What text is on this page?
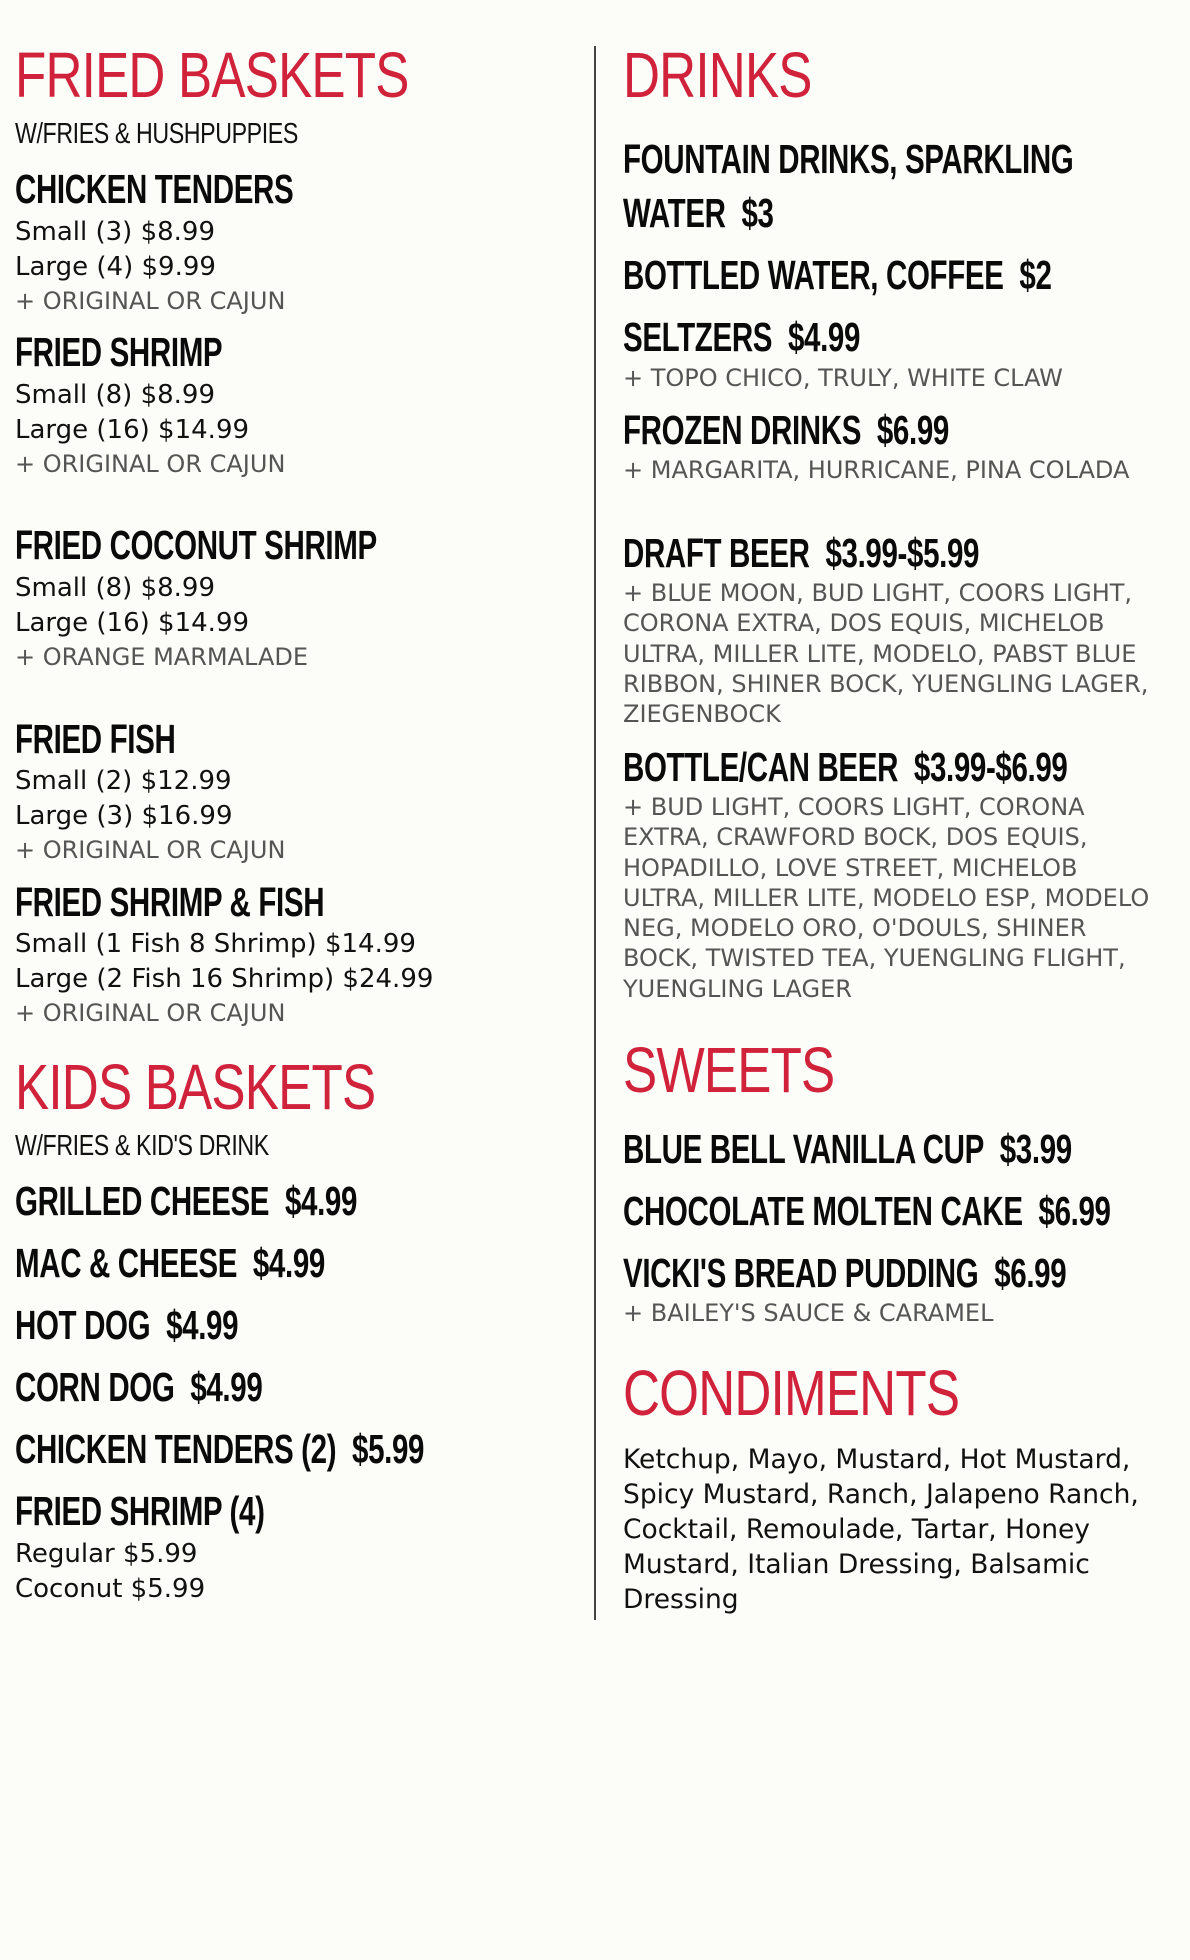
FRIED BASKETS
W/FRIES & HUSHPUPPIES
CHICKEN TENDERS
Small (3) $8.99
Large (4) $9.99
+ ORIGINAL OR CAJUN
FRIED SHRIMP
Small (8) $8.99
Large (16) $14.99
+ ORIGINAL OR CAJUN
FRIED COCONUT SHRIMP
Small (8) $8.99
Large (16) $14.99
+ ORANGE MARMALADE
FRIED FISH
Small (2) $12.99
Large (3) $16.99
+ ORIGINAL OR CAJUN
FRIED SHRIMP & FISH
Small (1 Fish 8 Shrimp) $14.99
Large (2 Fish 16 Shrimp) $24.99
+ ORIGINAL OR CAJUN
KIDS BASKETS
W/FRIES & KID'S DRINK
GRILLED CHEESE $4.99
MAC & CHEESE $4.99
HOT DOG $4.99
CORN DOG $4.99
CHICKEN TENDERS (2) $5.99
FRIED SHRIMP (4)
Regular $5.99
Coconut $5.99
DRINKS
FOUNTAIN DRINKS, SPARKLING
WATER $3
BOTTLED WATER, COFFEE $2
SELTZERS $4.99
+ TOPO CHICO, TRULY, WHITE CLAW
FROZEN DRINKS $6.99
+ MARGARITA, HURRICANE, PINA COLADA
DRAFT BEER $3.99-$5.99
+ BLUE MOON, BUD LIGHT, COORS LIGHT, CORONA EXTRA, DOS EQUIS, MICHELOB ULTRA, MILLER LITE, MODELO, PABST BLUE RIBBON, SHINER BOCK, YUENGLING LAGER, ZIEGENBOCK
BOTTLE/CAN BEER $3.99-$6.99
+ BUD LIGHT, COORS LIGHT, CORONA EXTRA, CRAWFORD BOCK, DOS EQUIS, HOPADILLO, LOVE STREET, MICHELOB ULTRA, MILLER LITE, MODELO ESP, MODELO NEG, MODELO ORO, O'DOULS, SHINER BOCK, TWISTED TEA, YUENGLING FLIGHT, YUENGLING LAGER
SWEETS
BLUE BELL VANILLA CUP $3.99
CHOCOLATE MOLTEN CAKE $6.99
VICKI'S BREAD PUDDING $6.99
+ BAILEY'S SAUCE & CARAMEL
CONDIMENTS
Ketchup, Mayo, Mustard, Hot Mustard, Spicy Mustard, Ranch, Jalapeno Ranch, Cocktail, Remoulade, Tartar, Honey Mustard, Italian Dressing, Balsamic Dressing
